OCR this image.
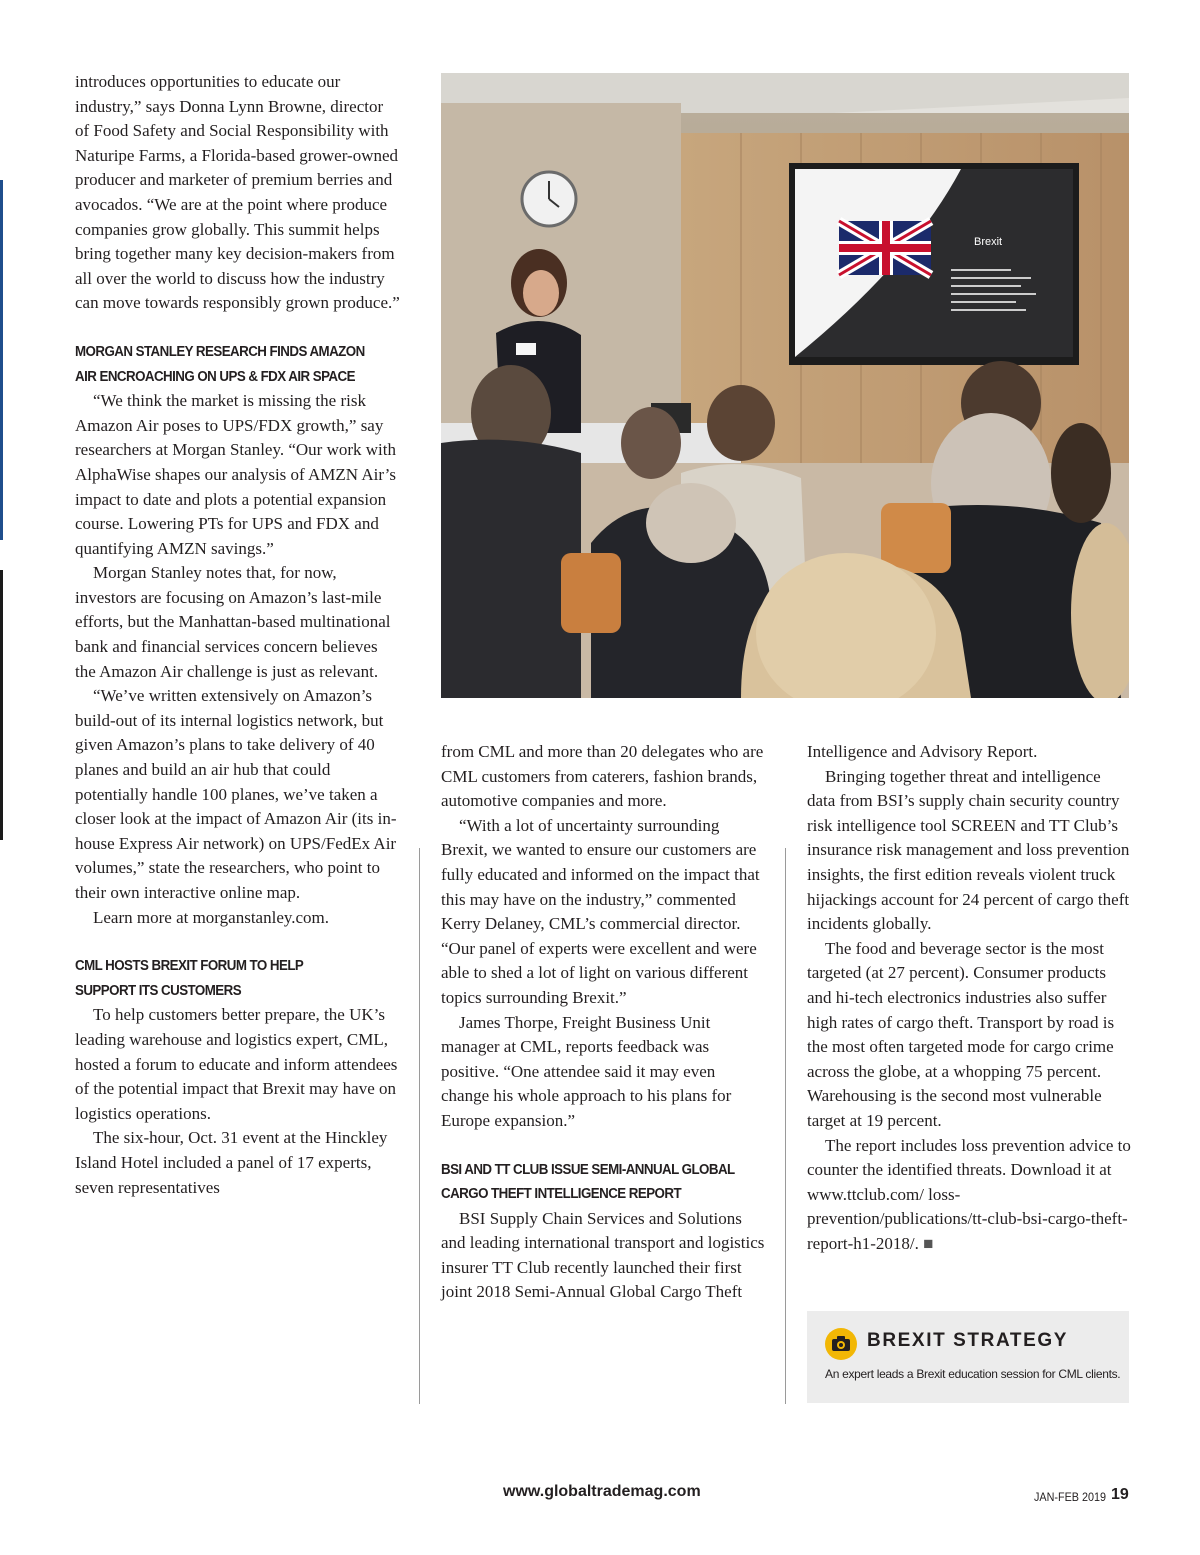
introduces opportunities to educate our industry,” says Donna Lynn Browne, director of Food Safety and Social Responsibility with Naturipe Farms, a Florida-based grower-owned producer and marketer of premium berries and avocados. “We are at the point where produce companies grow globally. This summit helps bring together many key decision-makers from all over the world to discuss how the industry can move towards responsibly grown produce.”

MORGAN STANLEY RESEARCH FINDS AMAZON
AIR ENCROACHING ON UPS & FDX AIR SPACE

“We think the market is missing the risk Amazon Air poses to UPS/FDX growth,” say researchers at Morgan Stanley. “Our work with AlphaWise shapes our analysis of AMZN Air’s impact to date and plots a potential expansion course. Lowering PTs for UPS and FDX and quantifying AMZN savings.”

Morgan Stanley notes that, for now, investors are focusing on Amazon’s last-mile efforts, but the Manhattan-based multinational bank and financial services concern believes the Amazon Air challenge is just as relevant.

“We’ve written extensively on Amazon’s build-out of its internal logistics network, but given Amazon’s plans to take delivery of 40 planes and build an air hub that could potentially handle 100 planes, we’ve taken a closer look at the impact of Amazon Air (its in-house Express Air network) on UPS/FedEx Air volumes,” state the researchers, who point to their own interactive online map.

Learn more at morganstanley.com.

CML HOSTS BREXIT FORUM TO HELP
SUPPORT ITS CUSTOMERS

To help customers better prepare, the UK’s leading warehouse and logistics expert, CML, hosted a forum to educate and inform attendees of the potential impact that Brexit may have on logistics operations.

The six-hour, Oct. 31 event at the Hinckley Island Hotel included a panel of 17 experts, seven representatives

Brexit

from CML and more than 20 delegates who are CML customers from caterers, fashion brands, automotive companies and more.

“With a lot of uncertainty surrounding Brexit, we wanted to ensure our customers are fully educated and informed on the impact that this may have on the industry,” commented Kerry Delaney, CML’s commercial director. “Our panel of experts were excellent and were able to shed a lot of light on various different topics surrounding Brexit.”

James Thorpe, Freight Business Unit manager at CML, reports feedback was positive. “One attendee said it may even change his whole approach to his plans for Europe expansion.”

BSI AND TT CLUB ISSUE SEMI-ANNUAL GLOBAL
CARGO THEFT INTELLIGENCE REPORT

BSI Supply Chain Services and Solutions and leading international transport and logistics insurer TT Club recently launched their first joint 2018 Semi-Annual Global Cargo Theft

Intelligence and Advisory Report.

Bringing together threat and intelligence data from BSI’s supply chain security country risk intelligence tool SCREEN and TT Club’s insurance risk management and loss prevention insights, the first edition reveals violent truck hijackings account for 24 percent of cargo theft incidents globally.

The food and beverage sector is the most targeted (at 27 percent). Consumer products and hi-tech electronics industries also suffer high rates of cargo theft. Transport by road is the most often targeted mode for cargo crime across the globe, at a whopping 75 percent. Warehousing is the second most vulnerable target at 19 percent.

The report includes loss prevention advice to counter the identified threats. Download it at www.ttclub.com/ loss-prevention/publications/tt-club-bsi-cargo-theft-report-h1-2018/. ■

BREXIT STRATEGY
An expert leads a Brexit education session for CML clients.
www.globaltrademag.com	JAN-FEB 2019 19
